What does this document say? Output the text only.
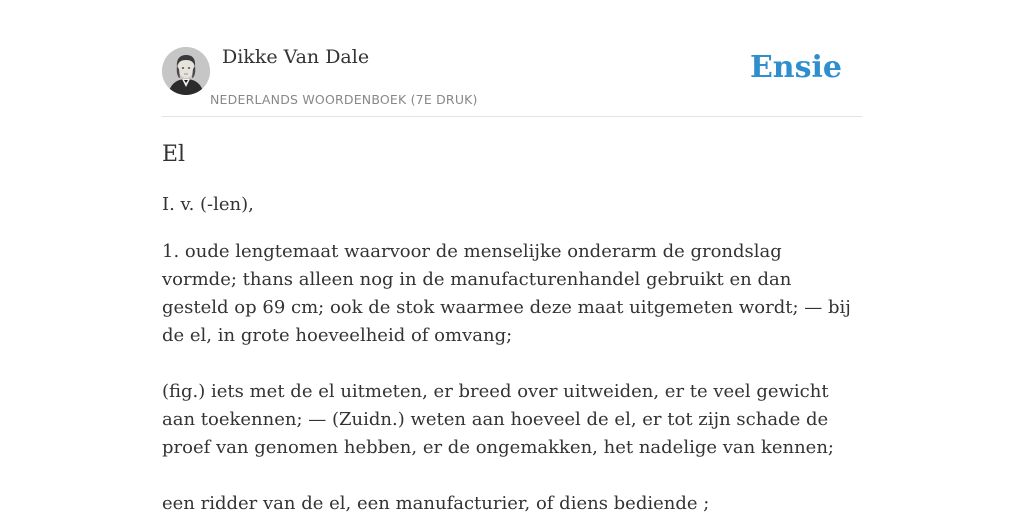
Dikke Van Dale
NEDERLANDS WOORDENBOEK (7E DRUK)
Ensie
El

I. v. (-len),

1. oude lengtemaat waarvoor de menselijke onderarm de grondslag vormde; thans alleen nog in de manufacturenhandel gebruikt en dan gesteld op 69 cm; ook de stok waarmee deze maat uitgemeten wordt; — bij de el, in grote hoeveelheid of omvang;

(fig.) iets met de el uitmeten, er breed over uitweiden, er te veel gewicht aan toekennen; — (Zuidn.) weten aan hoeveel de el, er tot zijn schade de proef van genomen hebben, er de ongemakken, het nadelige van kennen;

een ridder van de el, een manufacturier, of diens bediende ;
